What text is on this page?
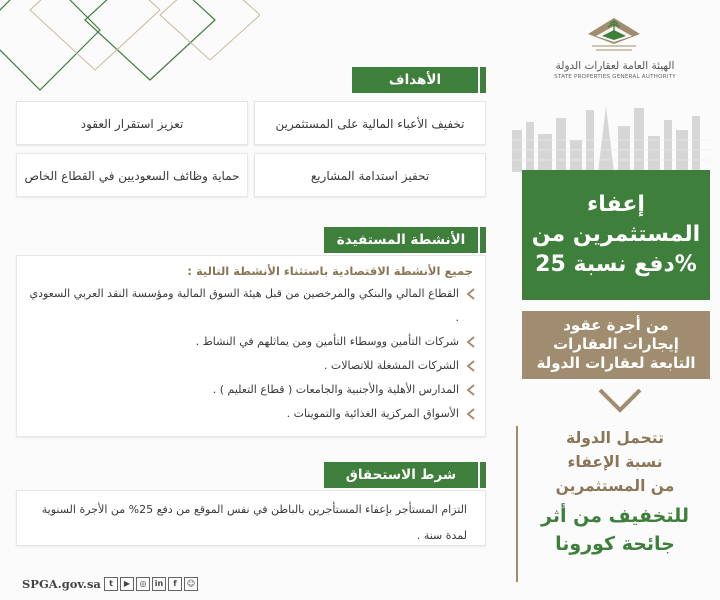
الهيئة العامة لعقارات الدولة
STATE PROPERTIES GENERAL AUTHORITY
إعفاء
المستثمرين من
دفع نسبة 25%
من أجرة عقود
إيجارات العقارات
التابعة لعقارات الدولة
تتحمل الدولة
نسبة الإعفاء
من المستثمرين
للتخفيف من أثر
جائحة كورونا
الأهداف
تخفيف الأعباء المالية على المستثمرين
تعزيز استقرار العقود
تحفيز استدامة المشاريع
حماية وظائف السعوديين في القطاع الخاص
الأنشطة المستفيدة
جميع الأنشطة الاقتصادية باستثناء الأنشطة التالية :
القطاع المالي والبنكي والمرخصين من قبل هيئة السوق المالية ومؤسسة النقد العربي السعودي .
شركات التأمين ووسطاء التأمين ومن يماثلهم في النشاط .
الشركات المشغلة للاتصالات .
المدارس الأهلية والأجنبية والجامعات ( قطاع التعليم ) .
الأسواق المركزية الغذائية والتموينات .
شرط الاستحقاق
التزام المستأجر بإعفاء المستأجرين بالباطن في نفس الموقع من دفع 25% من الأجرة السنوية لمدة سنة .
SPGA.gov.sa	t	▶	◎	in	f	☺
